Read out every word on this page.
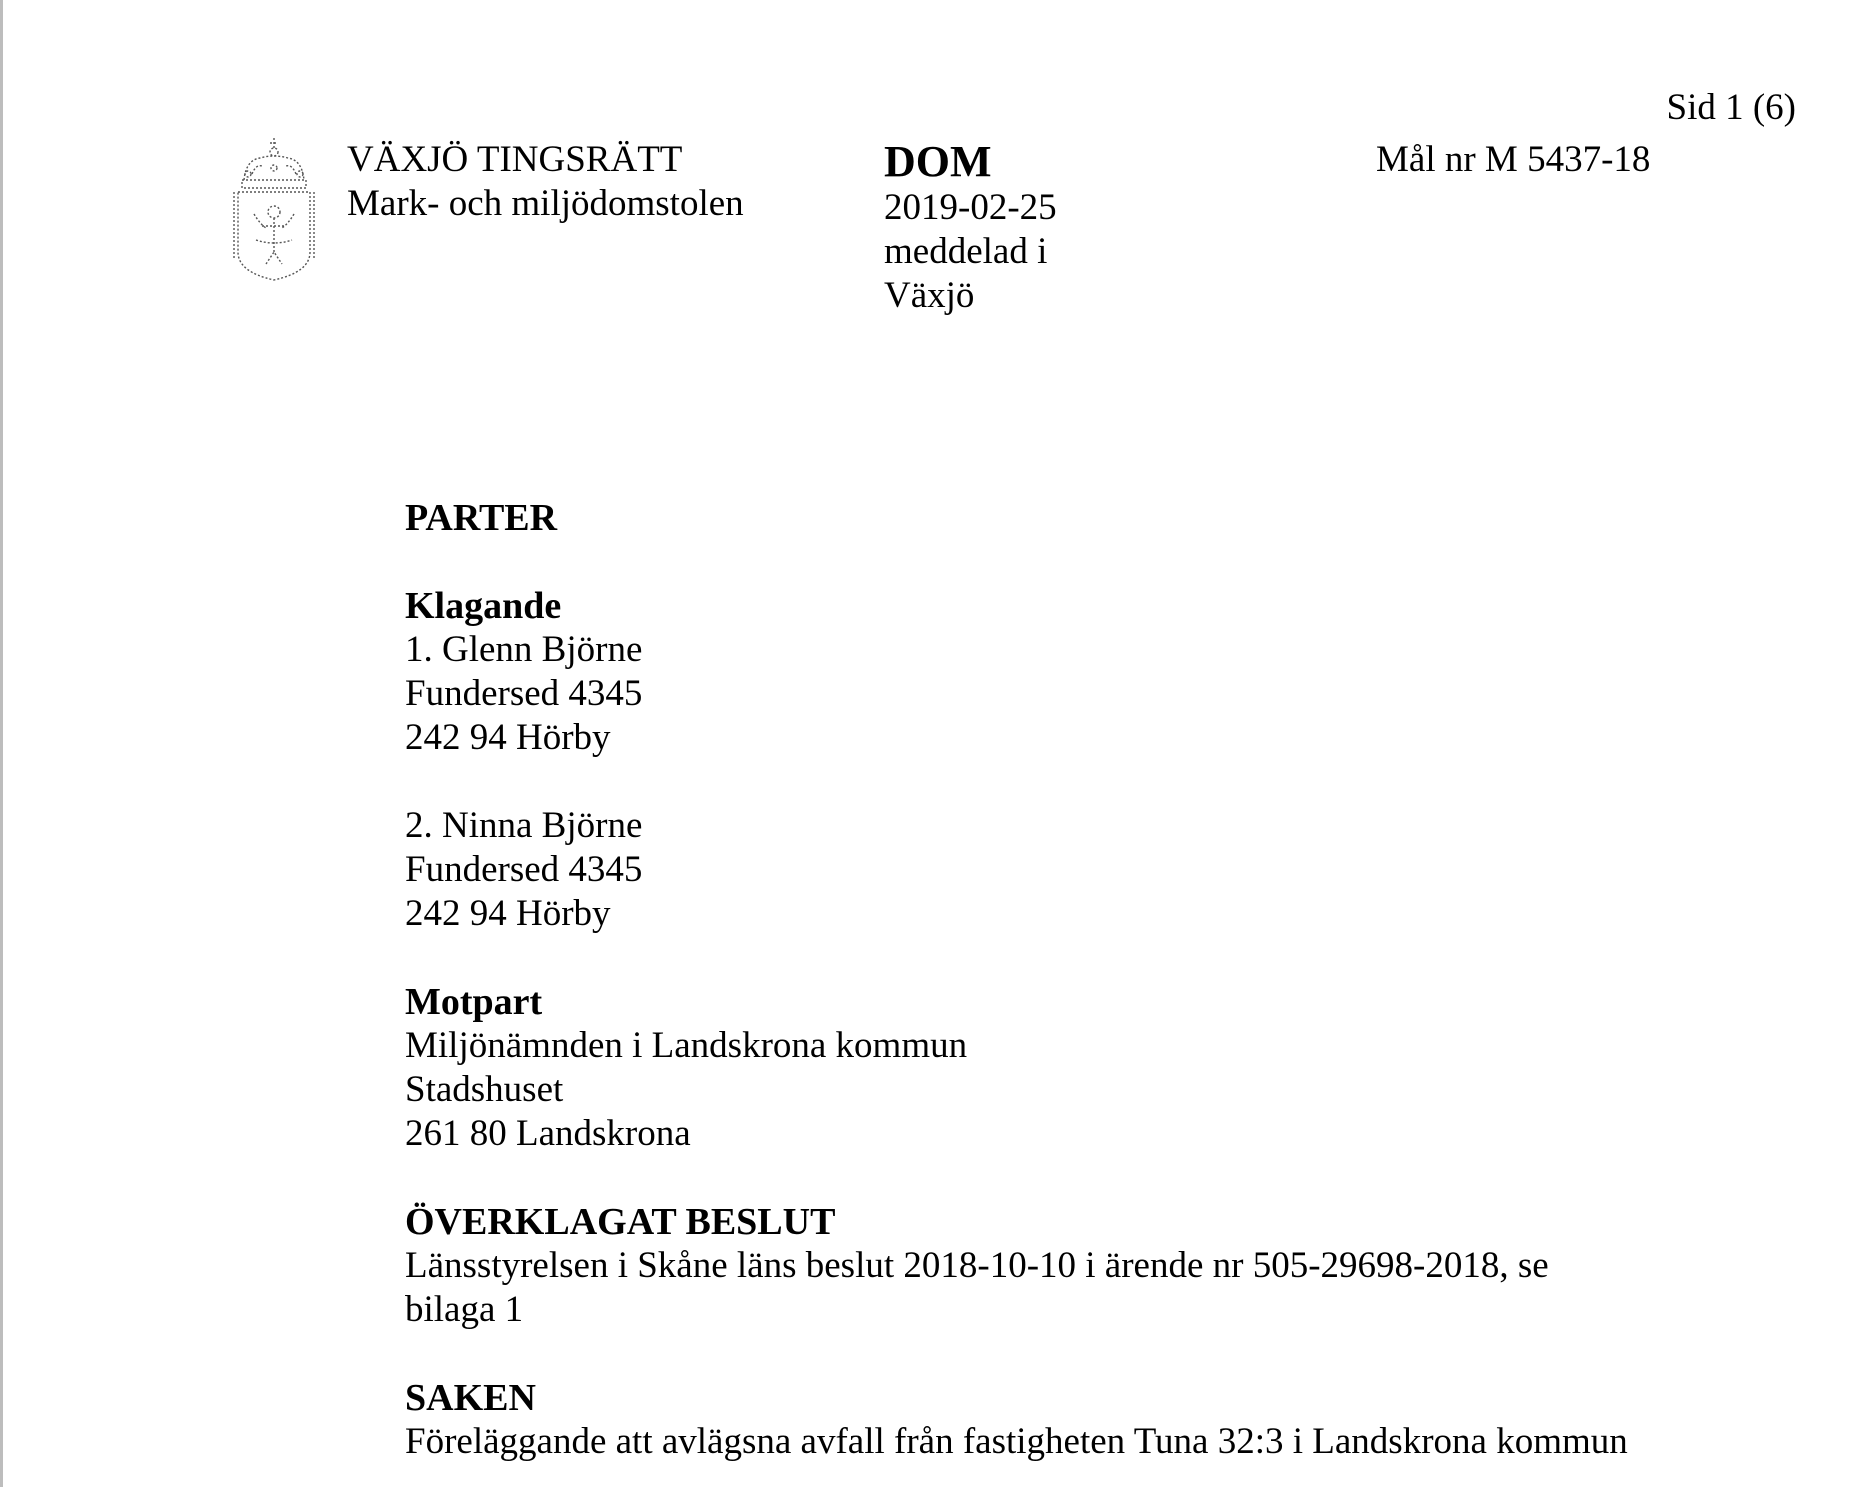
Sid 1 (6)
VÄXJÖ TINGSRÄTT
Mark- och miljödomstolen
DOM
2019-02-25
meddelad i
Växjö
Mål nr M 5437-18
PARTER
Klagande
1. Glenn Björne
Fundersed 4345
242 94 Hörby
2. Ninna Björne
Fundersed 4345
242 94 Hörby
Motpart
Miljönämnden i Landskrona kommun
Stadshuset
261 80 Landskrona
ÖVERKLAGAT BESLUT
Länsstyrelsen i Skåne läns beslut 2018-10-10 i ärende nr 505-29698-2018, se bilaga 1
SAKEN
Föreläggande att avlägsna avfall från fastigheten Tuna 32:3 i Landskrona kommun
